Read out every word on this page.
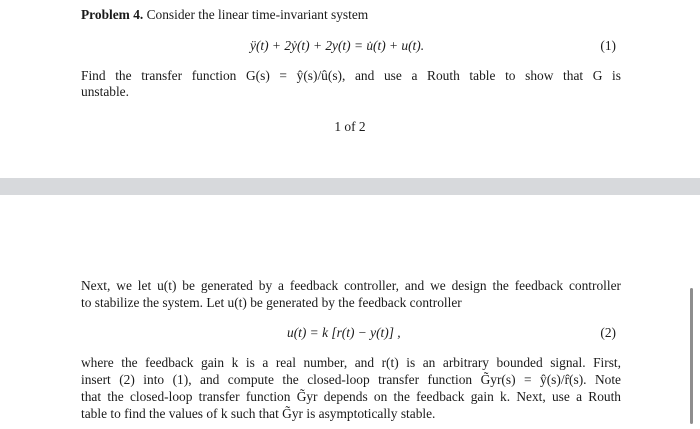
Problem 4. Consider the linear time-invariant system
ÿ(t) + 2ẏ(t) + 2y(t) = u̇(t) + u(t).	(1)
Find the transfer function G(s) = ŷ(s)/û(s), and use a Routh table to show that G is
unstable.
1 of 2
Next, we let u(t) be generated by a feedback controller, and we design the feedback controller
to stabilize the system. Let u(t) be generated by the feedback controller
u(t) = k [r(t) − y(t)] ,	(2)
where the feedback gain k is a real number, and r(t) is an arbitrary bounded signal. First,
insert (2) into (1), and compute the closed-loop transfer function G̃yr(s) = ŷ(s)/r̂(s). Note
that the closed-loop transfer function G̃yr depends on the feedback gain k. Next, use a Routh
table to find the values of k such that G̃yr is asymptotically stable.
